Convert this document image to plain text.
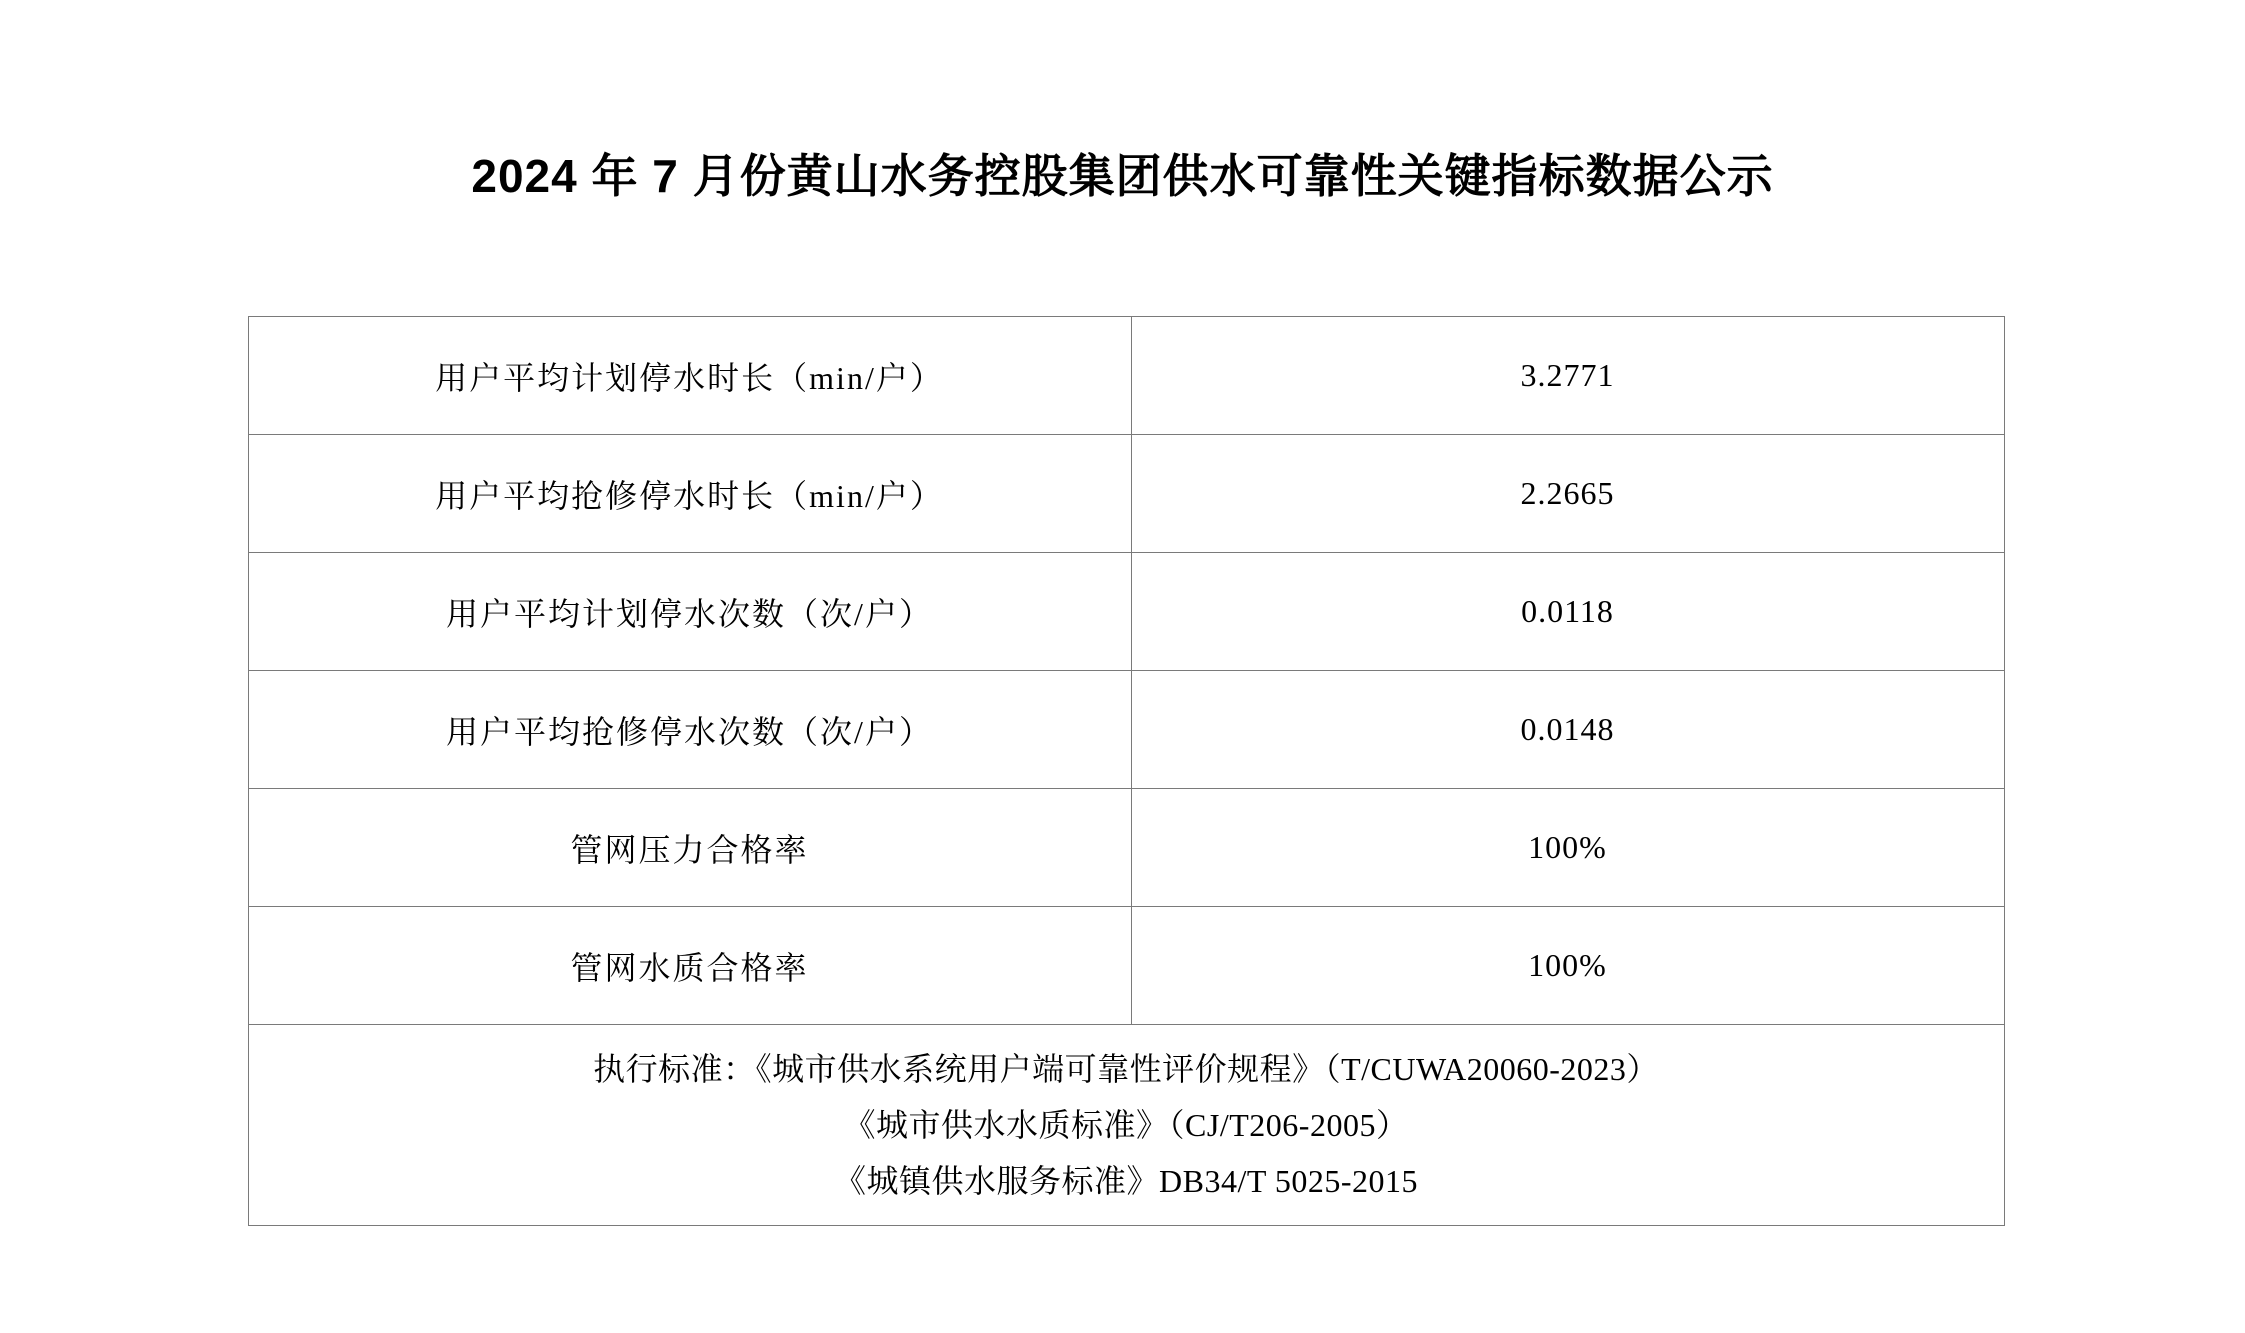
2024 年 7 月份黄山水务控股集团供水可靠性关键指标数据公示
用户平均计划停水时长（min/户）	3.2771
用户平均抢修停水时长（min/户）	2.2665
用户平均计划停水次数（次/户）	0.0118
用户平均抢修停水次数（次/户）	0.0148
管网压力合格率	100%
管网水质合格率	100%

执行标准：《城市供水系统用户端可靠性评价规程》（T/CUWA20060-2023）
《城市供水水质标准》（CJ/T206-2005）
《城镇供水服务标准》DB34/T 5025-2015	
